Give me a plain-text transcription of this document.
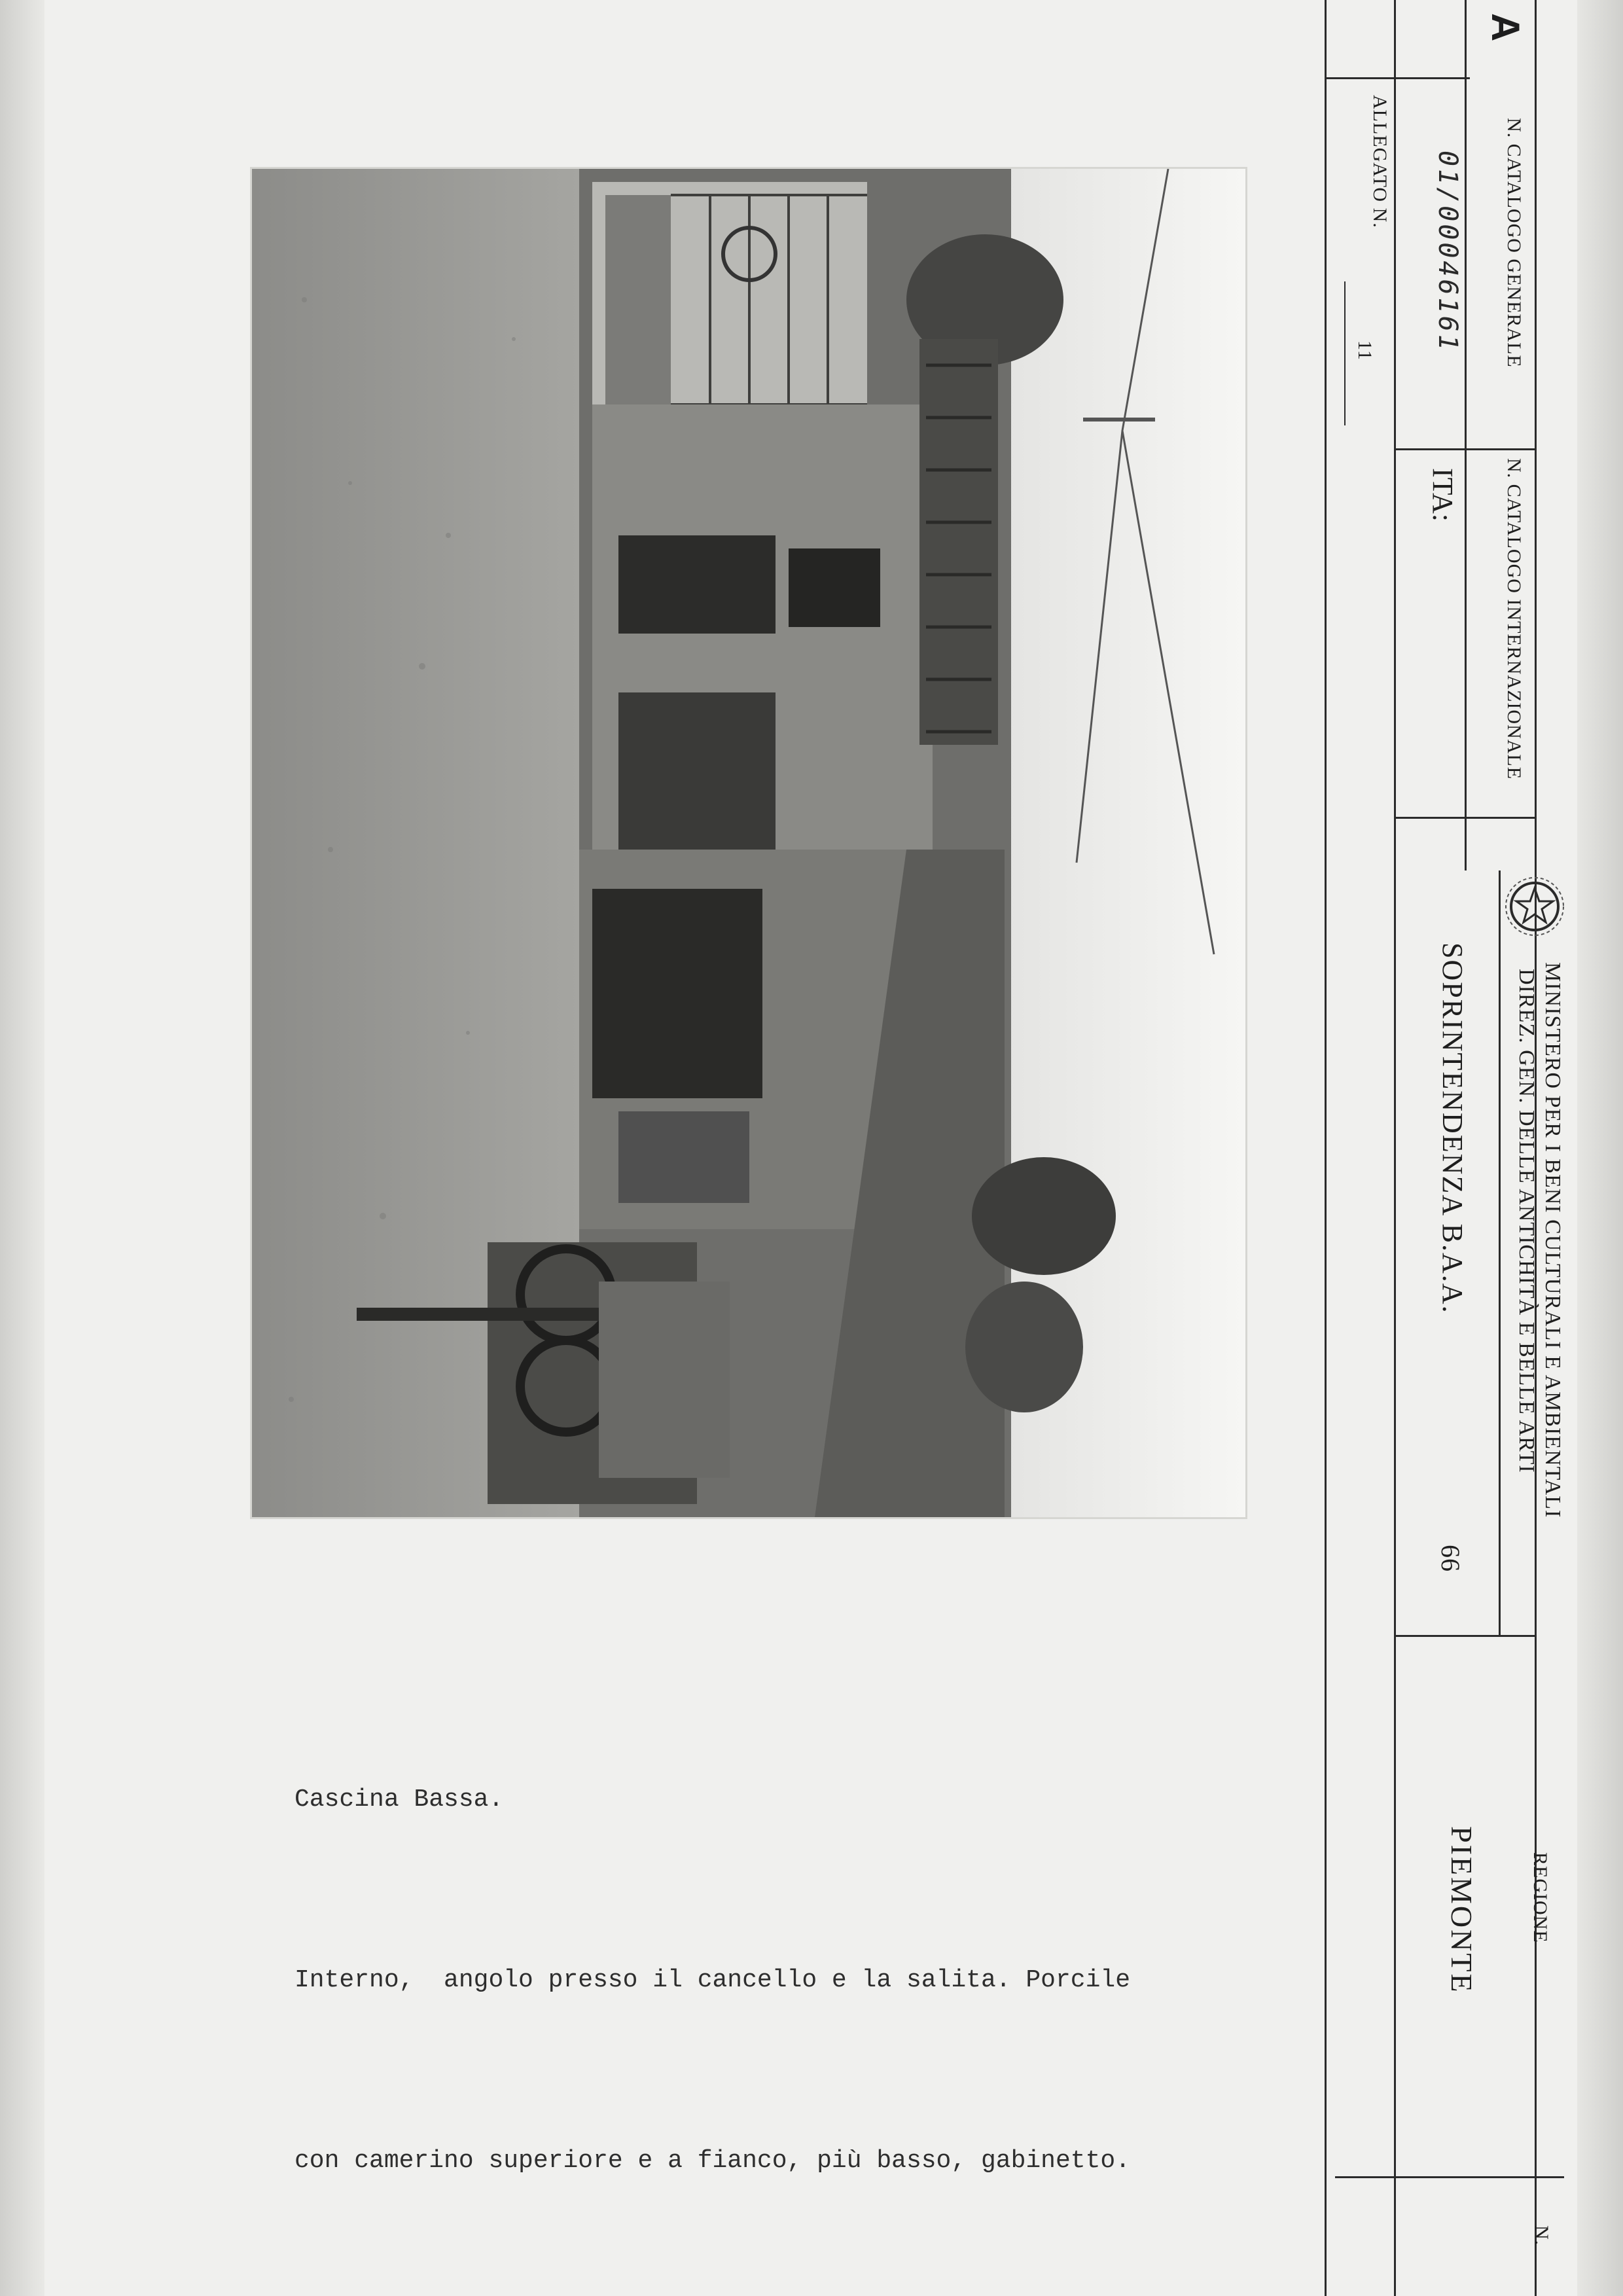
A
N. CATALOGO GENERALE
01/00046161
ALLEGATO N.
11
N. CATALOGO INTERNAZIONALE
ITA:
MINISTERO PER I BENI CULTURALI E AMBIENTALI
DIREZ. GEN. DELLE ANTICHITÀ E BELLE ARTI
SOPRINTENDENZA B.A.A.
66
REGIONE
PIEMONTE
N.

Cascina Bassa.

Interno,  angolo presso il cancello e la salita. Porcile

con camerino superiore e a fianco, più basso, gabinetto.
